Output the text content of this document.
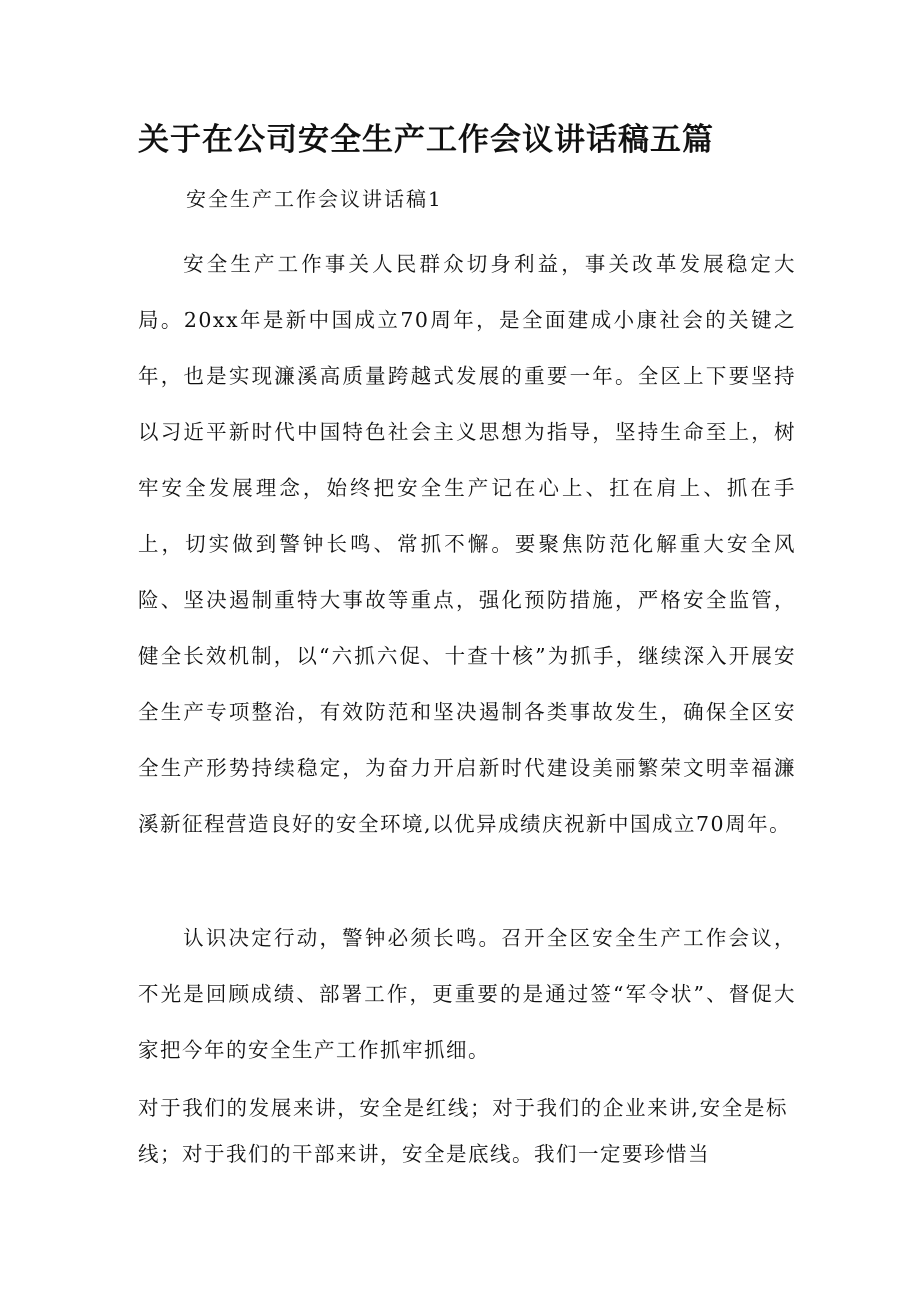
关于在公司安全生产工作会议讲话稿五篇
安全生产工作会议讲话稿1

安全生产工作事关人民群众切身利益，事关改革发展稳定大局。20xx年是新中国成立70周年，是全面建成小康社会的关键之年，也是实现濂溪高质量跨越式发展的重要一年。全区上下要坚持以习近平新时代中国特色社会主义思想为指导，坚持生命至上，树牢安全发展理念，始终把安全生产记在心上、扛在肩上、抓在手上，切实做到警钟长鸣、常抓不懈。要聚焦防范化解重大安全风险、坚决遏制重特大事故等重点，强化预防措施，严格安全监管，健全长效机制，以“六抓六促、十查十核”为抓手，继续深入开展安全生产专项整治，有效防范和坚决遏制各类事故发生，确保全区安全生产形势持续稳定，为奋力开启新时代建设美丽繁荣文明幸福濂溪新征程营造良好的安全环境,以优异成绩庆祝新中国成立70周年。

认识决定行动，警钟必须长鸣。召开全区安全生产工作会议，不光是回顾成绩、部署工作，更重要的是通过签“军令状”、督促大家把今年的安全生产工作抓牢抓细。

对于我们的发展来讲，安全是红线；对于我们的企业来讲,安全是标线；对于我们的干部来讲，安全是底线。我们一定要珍惜当
